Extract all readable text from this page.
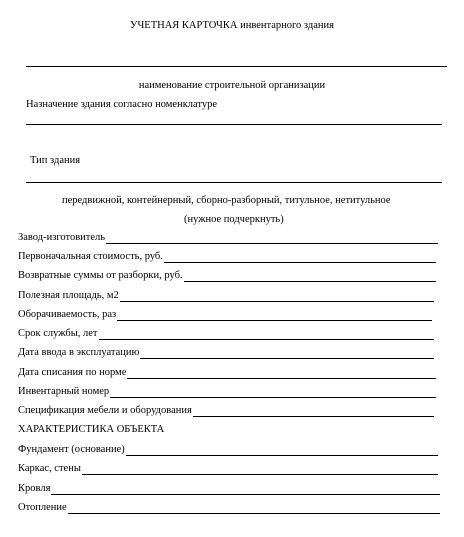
УЧЕТНАЯ КАРТОЧКА инвентарного здания
наименование строительной организации
Назначение здания согласно номенклатуре
Тип здания
передвижной, контейнерный, сборно-разборный, титульное, нетитульное
(нужное подчеркнуть)
Завод-изготовитель
Первоначальная стоимость, руб.
Возвратные суммы от разборки, руб.
Полезная площадь, м2
Оборачиваемость, раз
Срок службы, лет
Дата ввода в эксплуатацию
Дата списания по норме
Инвентарный номер
Спецификация мебели и оборудования
ХАРАКТЕРИСТИКА ОБЪЕКТА
Фундамент (основание)
Каркас, стены
Кровля
Отопление
